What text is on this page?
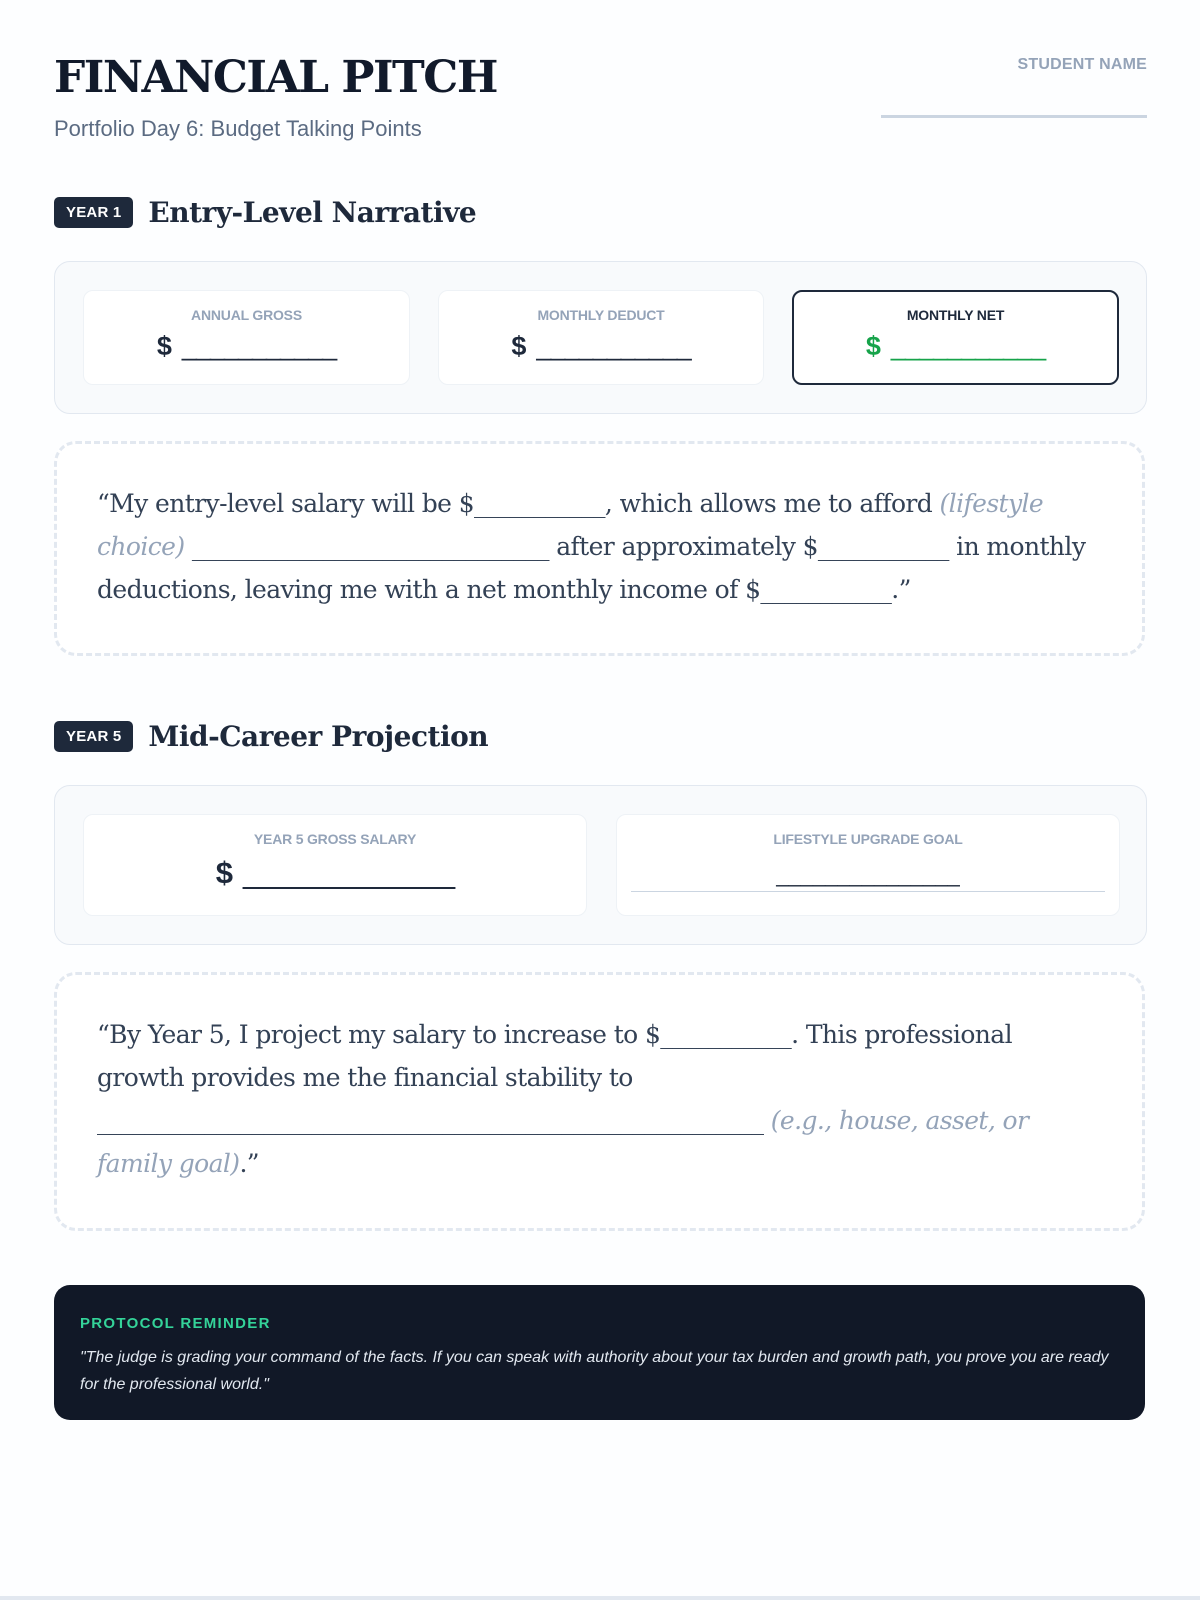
FINANCIAL PITCH
Portfolio Day 6: Budget Talking Points
STUDENT NAME
YEAR 1 Entry-Level Narrative
ANNUAL GROSS
$ ___________
MONTHLY DEDUCT
$ ___________
MONTHLY NET
$ ___________

“My entry-level salary will be $___________, which allows me to afford (lifestyle choice) ______________________________ after approximately $___________ in monthly deductions, leaving me with a net monthly income of $___________.”

YEAR 5 Mid-Career Projection
YEAR 5 GROSS SALARY
$ _____________
LIFESTYLE UPGRADE GOAL
_______________

“By Year 5, I project my salary to increase to $___________. This professional growth provides me the financial stability to ________________________________________________________ (e.g., house, asset, or family goal).”

PROTOCOL REMINDER
"The judge is grading your command of the facts. If you can speak with authority about your tax burden and growth path, you prove you are ready for the professional world."
